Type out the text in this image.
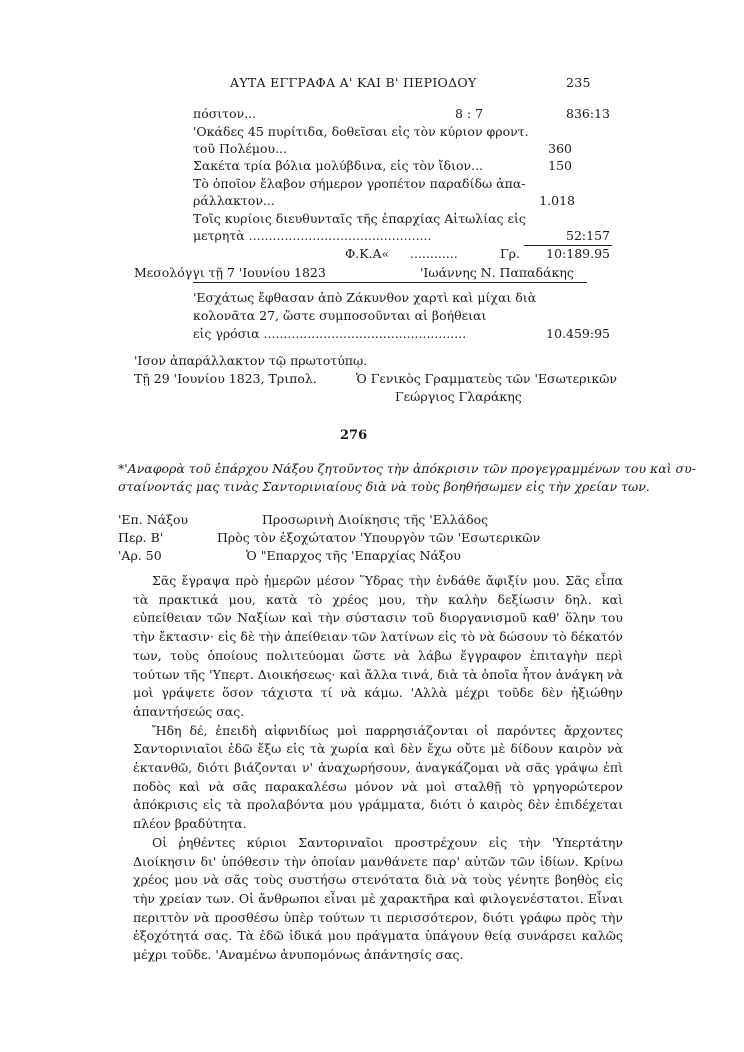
ΑΥΤΑ ΕΓΓΡΑΦΑ Α' ΚΑΙ Β' ΠΕΡΙΟΔΟΥ	235
πόσιτον...	8 : 7	836:13
'Οκάδες 45 πυρίτιδα, δοθεῖσαι εἰς τὸν κύριον φροντ.
τοῦ Πολέμου...	360
Σακέτα τρία βόλια μολύβδινα, εἰς τὸν ἴδιον...	150
Τὸ ὁποῖον ἔλαβον σήμερον γροπέτον παραδίδω ἀπα-
ράλλακτον...	1.018
Τοῖς κυρίοις διευθυνταῖς τῆς ἐπαρχίας Αἰτωλίας εἰς
μετρητὰ ..............................................	52:157
Φ.Κ.Α« ............	Γρ.	10:189.95
Μεσολόγγι τῇ 7 'Ιουνίου 1823	'Ιωάννης Ν. Παπαδάκης
'Εσχάτως ἔφθασαν ἀπὸ Ζάκυνθον χαρτὶ καὶ μίχαι διὰ
κολονᾶτα 27, ὥστε συμποσοῦνται αἱ βοήθειαι
εἰς γρόσια ...................................................	10.459:95
'Ισον ἀπαράλλακτον τῷ πρωτοτύπῳ.
Τῇ 29 'Ιουνίου 1823, Τριπολ.	Ὁ Γενικὸς Γραμματεὺς τῶν 'Εσωτερικῶν
Γεώργιος Γλαράκης
276
*'Αναφορὰ τοῦ ἐπάρχου Νάξου ζητοῦντος τὴν ἀπόκρισιν τῶν προγεγραμμένων του καὶ συ-
σταίνοντάς μας τινὰς Σαντορινιαίους διὰ νὰ τοὺς βοηθήσωμεν εἰς τὴν χρείαν των.
'Επ. Νάξου	Προσωρινὴ Διοίκησις τῆς 'Ελλάδος
Περ. Β'	Πρὸς τὸν ἐξοχώτατον 'Υπουργὸν τῶν 'Εσωτερικῶν
'Αρ. 50	Ὁ "Επαρχος τῆς 'Επαρχίας Νάξου

Σᾶς ἔγραψα πρὸ ἡμερῶν μέσον Ὕδρας τὴν ἐνδάθε ἄφιξίν μου. Σᾶς εἶπα τὰ πρακτικά μου, κατὰ τὸ χρέος μου, τὴν καλὴν δεξίωσιν δηλ. καὶ εὐπείθειαν τῶν Ναξίων καὶ τὴν σύστασιν τοῦ διοργανισμοῦ καθ' ὅλην του τὴν ἔκτασιν· εἰς δὲ τὴν ἀπείθειαν τῶν λατίνων εἰς τὸ νὰ δώσουν τὸ δέκατόν των, τοὺς ὁποίους πολιτεύομαι ὥστε νὰ λάβω ἔγγραφον ἐπιταγὴν περὶ τούτων τῆς 'Υπερτ. Διοικήσεως· καὶ ἄλλα τινά, διὰ τὰ ὁποῖα ἦτον ἀνάγκη νὰ μοὶ γράψετε ὅσον τάχιστα τί νὰ κάμω. 'Αλλὰ μέχρι τοῦδε δὲν ἠξιώθην ἀπαντήσεώς σας.

Ἤδη δέ, ἐπειδὴ αἰφνιδίως μοὶ παρρησιάζονται οἱ παρόντες ἄρχοντες Σαντορινιαῖοι ἐδῶ ἔξω εἰς τὰ χωρία καὶ δὲν ἔχω οὔτε μὲ δίδουν καιρὸν νὰ ἐκτανθῶ, διότι βιάζονται ν' ἀναχωρήσουν, ἀναγκάζομαι νὰ σᾶς γράψω ἐπὶ ποδὸς καὶ νὰ σᾶς παρακαλέσω μόνον νὰ μοὶ σταλθῇ τὸ γρηγορώτερον ἀπόκρισις εἰς τὰ προλαβόντα μου γράμματα, διότι ὁ καιρὸς δὲν ἐπιδέχεται πλέον βραδύτητα.

Οἱ ῥηθέντες κύριοι Σαντοριναῖοι προστρέχουν εἰς τὴν 'Υπερτάτην Διοίκησιν δι' ὑπόθεσιν τὴν ὁποίαν μανθάνετε παρ' αὐτῶν τῶν ἰδίων. Κρίνω χρέος μου νὰ σᾶς τοὺς συστήσω στενότατα διὰ νὰ τοὺς γένητε βοηθὸς εἰς τὴν χρείαν των. Οἱ ἄνθρωποι εἶναι μὲ χαρακτῆρα καὶ φιλογενέστατοι. Εἶναι περιττὸν νὰ προσθέσω ὑπὲρ τούτων τι περισσότερον, διότι γράφω πρὸς τὴν ἐξοχότητά σας. Τὰ ἐδῶ ἰδικά μου πράγματα ὑπάγουν θείᾳ συνάρσει καλῶς μέχρι τοῦδε. 'Αναμένω ἀνυπομόνως ἀπάντησίς σας.
